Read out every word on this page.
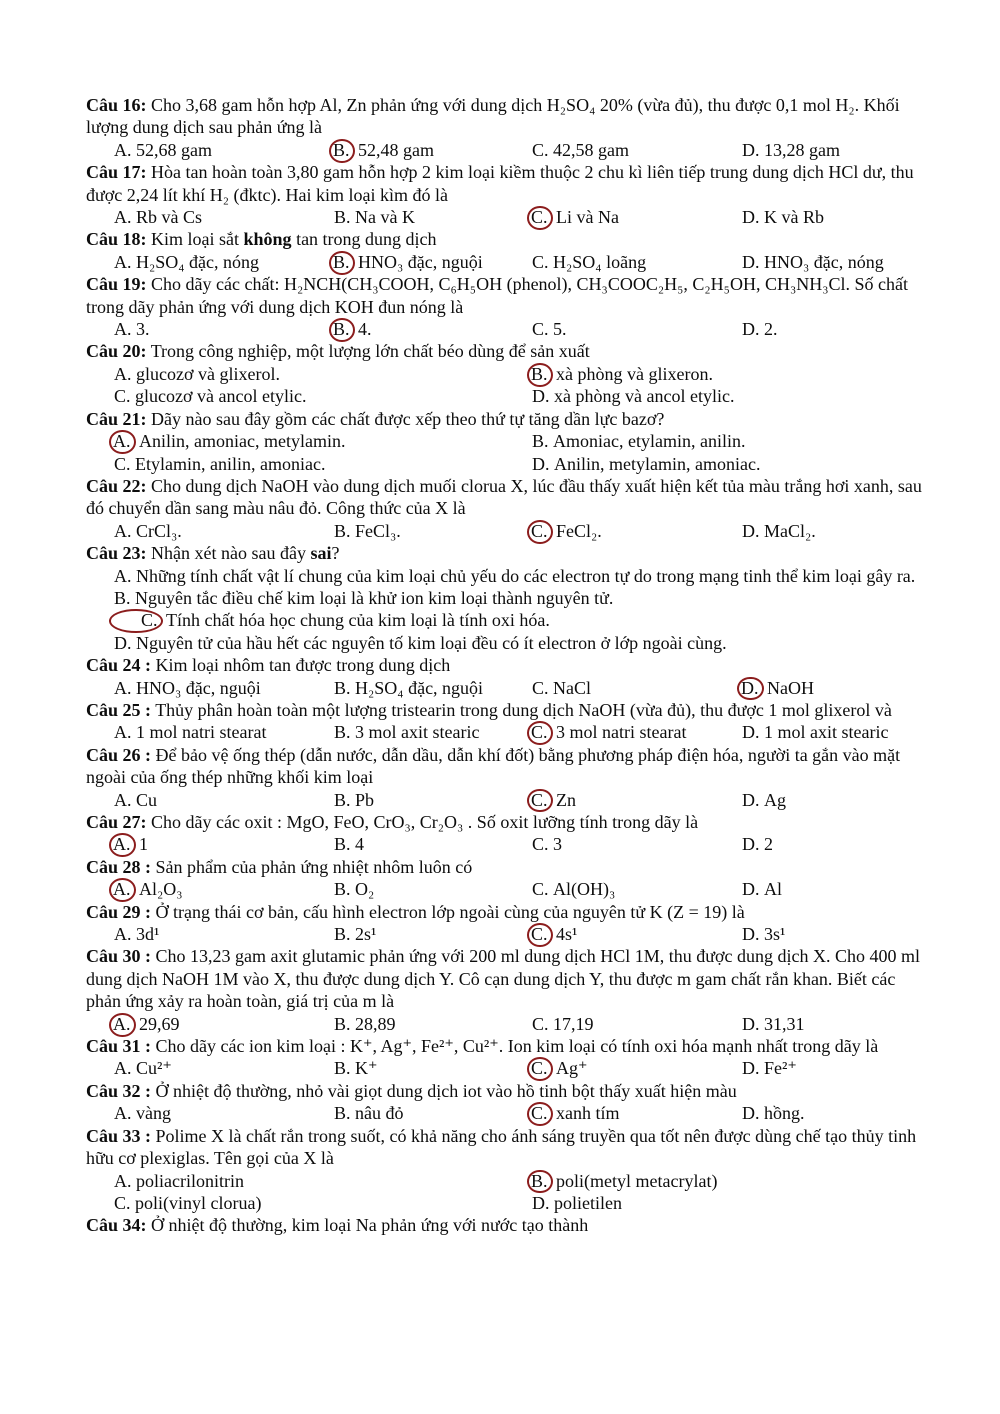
Câu 16: Cho 3,68 gam hỗn hợp Al, Zn phản ứng với dung dịch H₂SO₄ 20% (vừa đủ), thu được 0,1 mol H₂. Khối lượng dung dịch sau phản ứng là

A. 52,68 gam	B. 52,48 gam	C. 42,58 gam	D. 13,28 gam

Câu 17: Hòa tan hoàn toàn 3,80 gam hỗn hợp 2 kim loại kiềm thuộc 2 chu kì liên tiếp trung dung dịch HCl dư, thu được 2,24 lít khí H₂ (đktc). Hai kim loại kìm đó là

A. Rb và Cs	B. Na và K	C. Li và Na	D. K và Rb

Câu 18: Kim loại sắt không tan trong dung dịch

A. H₂SO₄ đặc, nóng	B. HNO₃ đặc, nguội	C. H₂SO₄ loãng	D. HNO₃ đặc, nóng

Câu 19: Cho dãy các chất: H₂NCH(CH₃COOH, C₆H₅OH (phenol), CH₃COOC₂H₅, C₂H₅OH, CH₃NH₃Cl. Số chất trong dãy phản ứng với dung dịch KOH đun nóng là

A. 3.	B. 4.	C. 5.	D. 2.

Câu 20: Trong công nghiệp, một lượng lớn chất béo dùng để sản xuất

A. glucozơ và glixerol.	B. xà phòng và glixeron.
C. glucozơ và ancol etylic.	D. xà phòng và ancol etylic.

Câu 21: Dãy nào sau đây gồm các chất được xếp theo thứ tự tăng dần lực bazơ?

A. Anilin, amoniac, metylamin.	B. Amoniac, etylamin, anilin.
C. Etylamin, anilin, amoniac.	D. Anilin, metylamin, amoniac.

Câu 22: Cho dung dịch NaOH vào dung dịch muối clorua X, lúc đầu thấy xuất hiện kết tủa màu trắng hơi xanh, sau đó chuyển dần sang màu nâu đỏ. Công thức của X là

A. CrCl₃.	B. FeCl₃.	C. FeCl₂.	D. MaCl₂.

Câu 23: Nhận xét nào sau đây sai?

A. Những tính chất vật lí chung của kim loại chủ yếu do các electron tự do trong mạng tinh thể kim loại gây ra.
B. Nguyên tắc điều chế kim loại là khử ion kim loại thành nguyên tử.
C. Tính chất hóa học chung của kim loại là tính oxi hóa.
D. Nguyên tử của hầu hết các nguyên tố kim loại đều có ít electron ở lớp ngoài cùng.

Câu 24 : Kim loại nhôm tan được trong dung dịch

A. HNO₃ đặc, nguội	B. H₂SO₄ đặc, nguội	C. NaCl	D. NaOH

Câu 25 : Thủy phân hoàn toàn một lượng tristearin trong dung dịch NaOH (vừa đủ), thu được 1 mol glixerol và

A. 1 mol natri stearat	B. 3 mol axit stearic	C. 3 mol natri stearat	D. 1 mol axit stearic

Câu 26 : Để bảo vệ ống thép (dẫn nước, dẫn dầu, dẫn khí đốt) bằng phương pháp điện hóa, người ta gắn vào mặt ngoài của ống thép những khối kim loại

A. Cu	B. Pb	C. Zn	D. Ag

Câu 27: Cho dãy các oxit : MgO, FeO, CrO₃, Cr₂O₃ . Số oxit lưỡng tính trong dãy là

A. 1	B. 4	C. 3	D. 2

Câu 28 : Sản phẩm của phản ứng nhiệt nhôm luôn có

A. Al₂O₃	B. O₂	C. Al(OH)₃	D. Al

Câu 29 : Ở trạng thái cơ bản, cấu hình electron lớp ngoài cùng của nguyên tử K (Z = 19) là

A. 3d¹	B. 2s¹	C. 4s¹	D. 3s¹

Câu 30 : Cho 13,23 gam axit glutamic phản ứng với 200 ml dung dịch HCl 1M, thu được dung dịch X. Cho 400 ml dung dịch NaOH 1M vào X, thu được dung dịch Y. Cô cạn dung dịch Y, thu được m gam chất rắn khan. Biết các phản ứng xảy ra hoàn toàn, giá trị của m là

A. 29,69	B. 28,89	C. 17,19	D. 31,31

Câu 31 : Cho dãy các ion kim loại : K⁺, Ag⁺, Fe²⁺, Cu²⁺. Ion kim loại có tính oxi hóa mạnh nhất trong dãy là

A. Cu²⁺	B. K⁺	C. Ag⁺	D. Fe²⁺

Câu 32 : Ở nhiệt độ thường, nhỏ vài giọt dung dịch iot vào hồ tinh bột thấy xuất hiện màu

A. vàng	B. nâu đỏ	C. xanh tím	D. hồng.

Câu 33 : Polime X là chất rắn trong suốt, có khả năng cho ánh sáng truyền qua tốt nên được dùng chế tạo thủy tinh hữu cơ plexiglas. Tên gọi của X là

A. poliacrilonitrin	B. poli(metyl metacrylat)
C. poli(vinyl clorua)	D. polietilen

Câu 34: Ở nhiệt độ thường, kim loại Na phản ứng với nước tạo thành
